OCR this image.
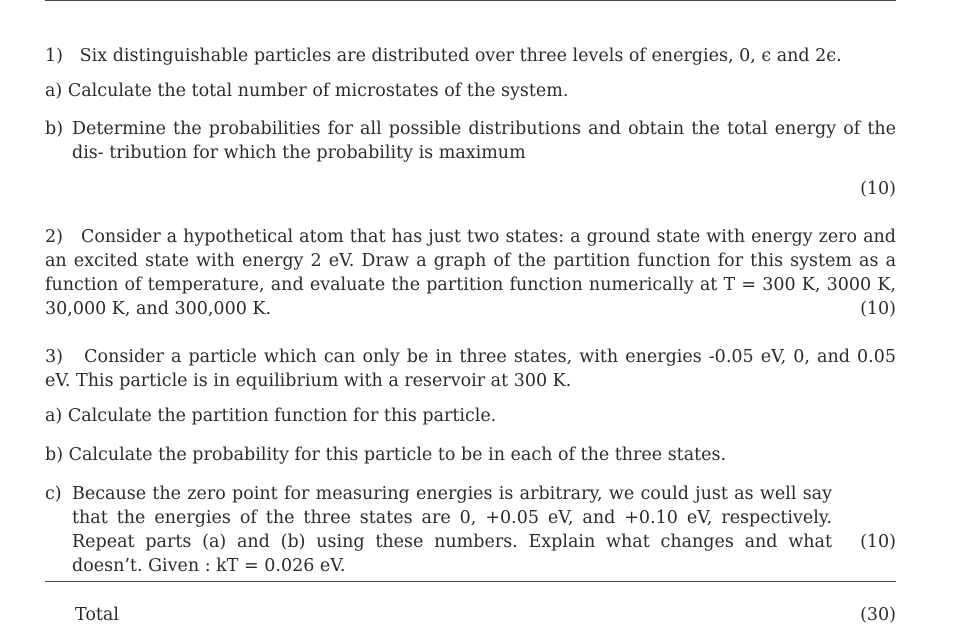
1) Six distinguishable particles are distributed over three levels of energies, 0, ϵ and 2ϵ.
a) Calculate the total number of microstates of the system.
b) Determine the probabilities for all possible distributions and obtain the total energy of the dis- tribution for which the probability is maximum
(10)
2) Consider a hypothetical atom that has just two states: a ground state with energy zero and an excited state with energy 2 eV. Draw a graph of the partition function for this system as a function of temperature, and evaluate the partition function numerically at T = 300 K, 3000 K, 30,000 K, and 300,000 K.	(10)
3) Consider a particle which can only be in three states, with energies -0.05 eV, 0, and 0.05 eV. This particle is in equilibrium with a reservoir at 300 K.
a) Calculate the partition function for this particle.
b) Calculate the probability for this particle to be in each of the three states.
c) Because the zero point for measuring energies is arbitrary, we could just as well say that the energies of the three states are 0, +0.05 eV, and +0.10 eV, respectively. Repeat parts (a) and (b) using these numbers. Explain what changes and what doesn’t. Given : kT = 0.026 eV.
(10)
Total	(30)
